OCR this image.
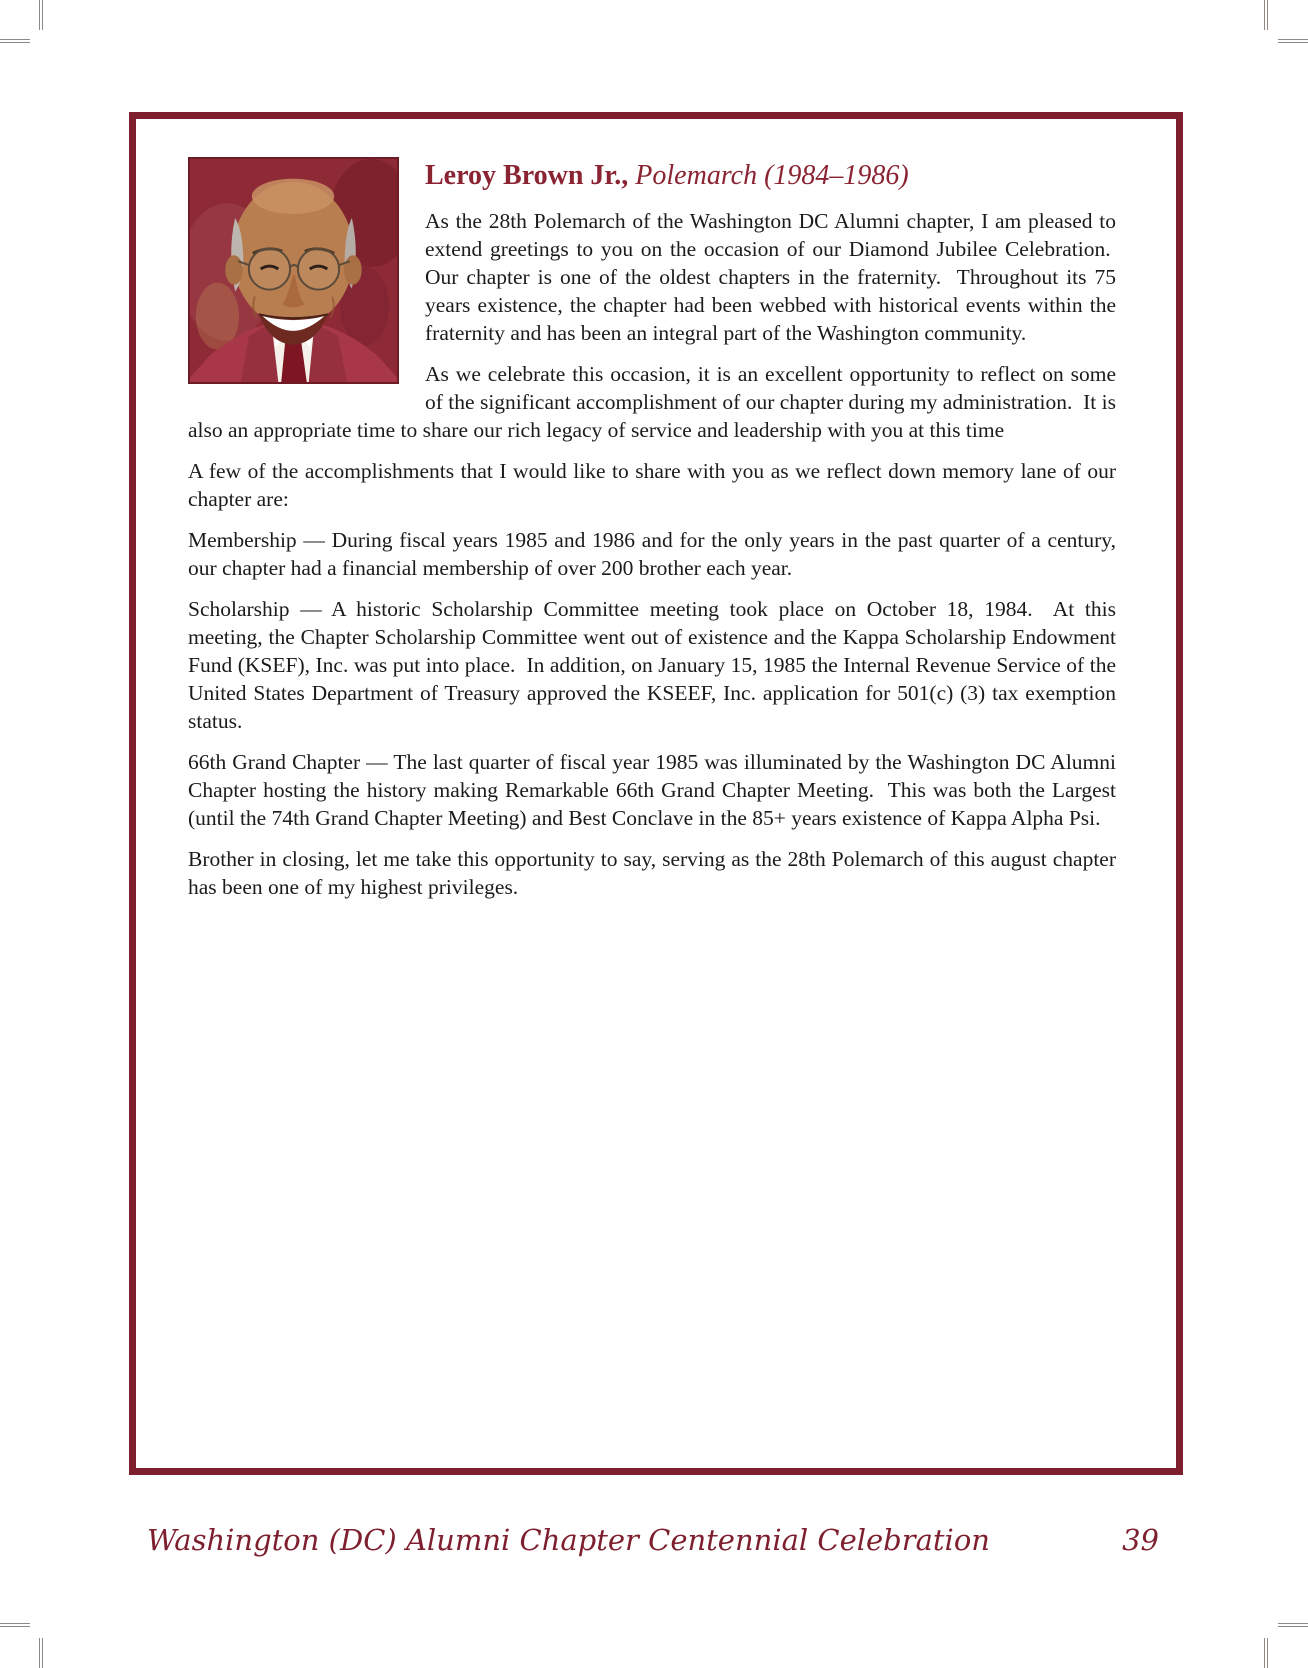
Leroy Brown Jr., Polemarch (1984–1986)

As the 28th Polemarch of the Washington DC Alumni chapter, I am pleased to extend greetings to you on the occasion of our Diamond Jubilee Celebration.  Our chapter is one of the oldest chapters in the fraternity.  Throughout its 75 years existence, the chapter had been webbed with historical events within the fraternity and has been an integral part of the Washington community.

As we celebrate this occasion, it is an excellent opportunity to reflect on some of the significant accomplishment of our chapter during my administration.  It is also an appropriate time to share our rich legacy of service and leadership with you at this time

A few of the accomplishments that I would like to share with you as we reflect down memory lane of our chapter are:

Membership — During fiscal years 1985 and 1986 and for the only years in the past quarter of a century, our chapter had a financial membership of over 200 brother each year.

Scholarship — A historic Scholarship Committee meeting took place on October 18, 1984.  At this meeting, the Chapter Scholarship Committee went out of existence and the Kappa Scholarship Endowment Fund (KSEF), Inc. was put into place.  In addition, on January 15, 1985 the Internal Revenue Service of the United States Department of Treasury approved the KSEEF, Inc. application for 501(c) (3) tax exemption status.

66th Grand Chapter — The last quarter of fiscal year 1985 was illuminated by the Washington DC Alumni Chapter hosting the history making Remarkable 66th Grand Chapter Meeting.  This was both the Largest (until the 74th Grand Chapter Meeting) and Best Conclave in the 85+ years existence of Kappa Alpha Psi.

Brother in closing, let me take this opportunity to say, serving as the 28th Polemarch of this august chapter has been one of my highest privileges.

Washington (DC) Alumni Chapter Centennial Celebration	39
